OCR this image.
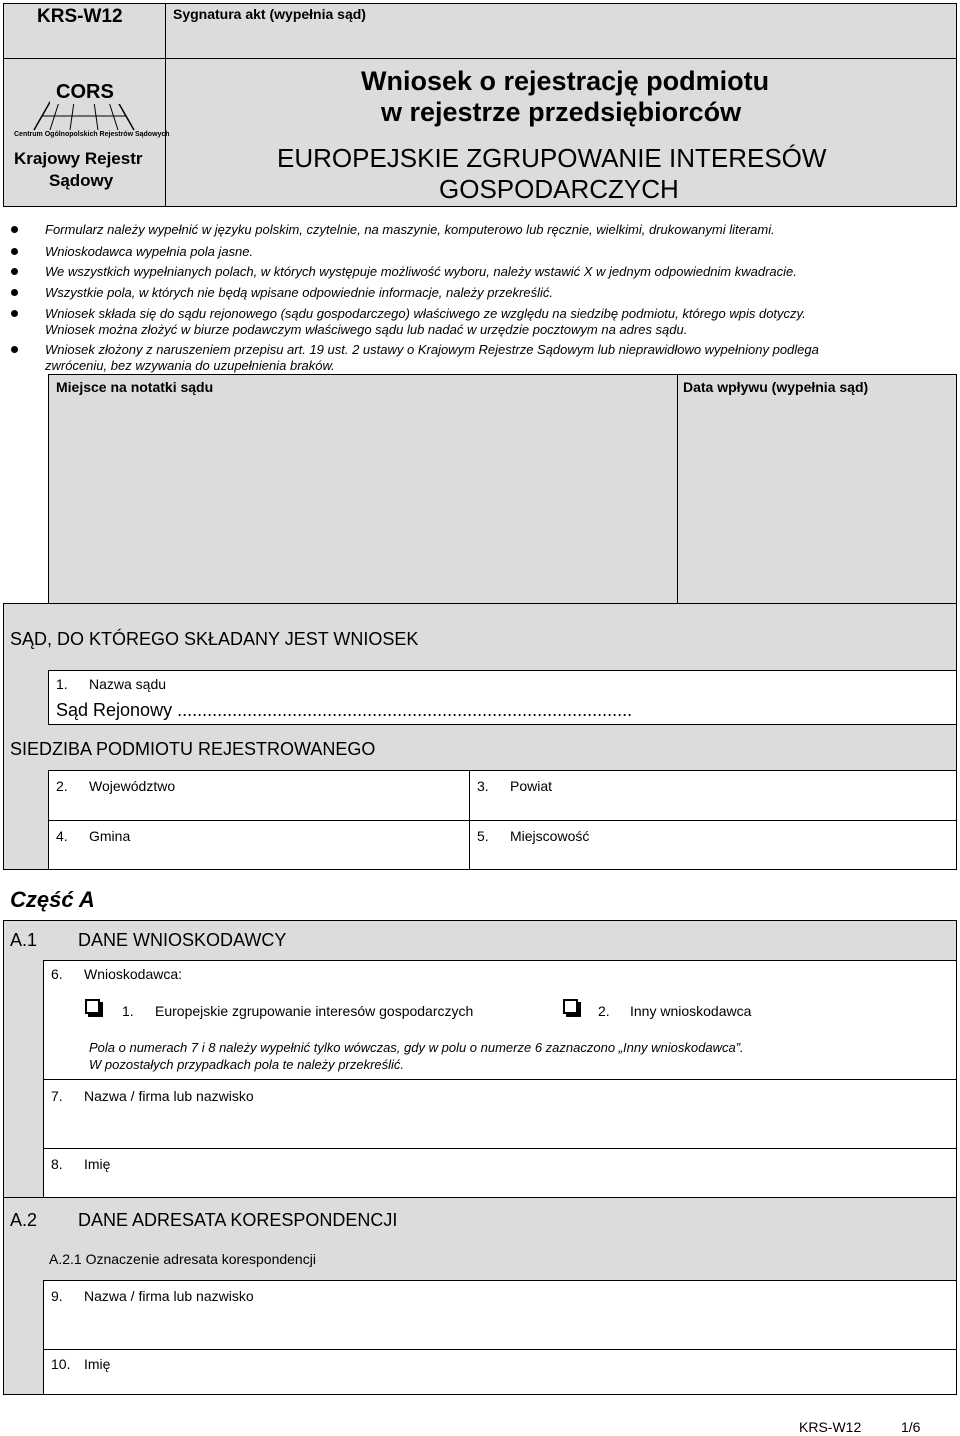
KRS-W12	Sygnatura akt (wypełnia sąd)
CORS
Centrum Ogólnopolskich Rejestrów Sądowych
Krajowy Rejestr
Sądowy
Wniosek o rejestrację podmiotu
w rejestrze przedsiębiorców
EUROPEJSKIE ZGRUPOWANIE INTERESÓW
GOSPODARCZYCH
Formularz należy wypełnić w języku polskim, czytelnie, na maszynie, komputerowo lub ręcznie, wielkimi, drukowanymi literami.
Wnioskodawca wypełnia pola jasne.
We wszystkich wypełnianych polach, w których występuje możliwość wyboru, należy wstawić X w jednym odpowiednim kwadracie.
Wszystkie pola, w których nie będą wpisane odpowiednie informacje, należy przekreślić.
Wniosek składa się do sądu rejonowego (sądu gospodarczego) właściwego ze względu na siedzibę podmiotu, którego wpis dotyczy.
Wniosek można złożyć w biurze podawczym właściwego sądu lub nadać w urzędzie pocztowym na adres sądu.
Wniosek złożony z naruszeniem przepisu art. 19 ust. 2 ustawy o Krajowym Rejestrze Sądowym lub nieprawidłowo wypełniony podlega
zwróceniu, bez wzywania do uzupełnienia braków.
Miejsce na notatki sądu	Data wpływu (wypełnia sąd)
SĄD, DO KTÓREGO SKŁADANY JEST WNIOSEK
1. Nazwa sądu
Sąd Rejonowy ...........................................................................................
SIEDZIBA PODMIOTU REJESTROWANEGO
2. Województwo	3. Powiat
4. Gmina	5. Miejscowość
Część A
A.1 DANE WNIOSKODAWCY
6. Wnioskodawca:
1. Europejskie zgrupowanie interesów gospodarczych	2. Inny wnioskodawca
Pola o numerach 7 i 8 należy wypełnić tylko wówczas, gdy w polu o numerze 6 zaznaczono „Inny wnioskodawca”.
W pozostałych przypadkach pola te należy przekreślić.
7. Nazwa / firma lub nazwisko
8. Imię
A.2 DANE ADRESATA KORESPONDENCJI
A.2.1 Oznaczenie adresata korespondencji
9. Nazwa / firma lub nazwisko
10. Imię
KRS-W12	1/6
